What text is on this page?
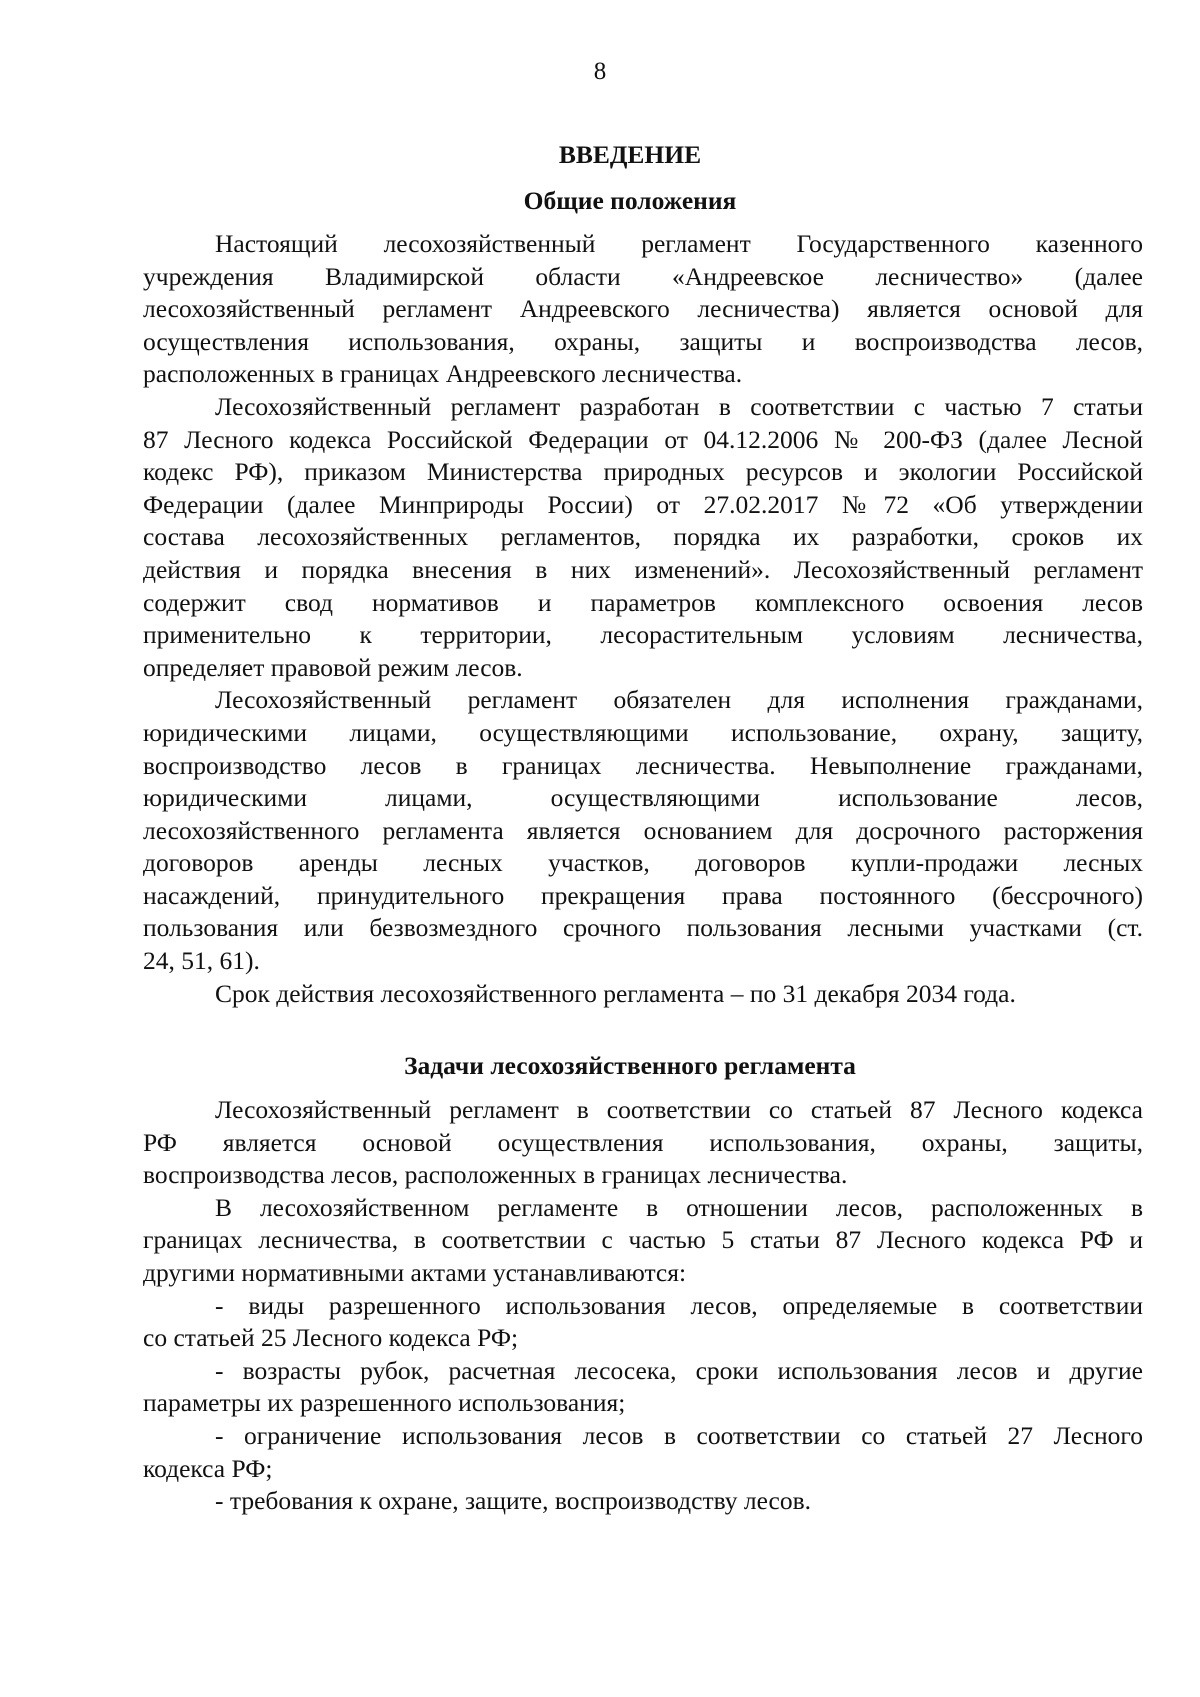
8
ВВЕДЕНИЕ
Общие положения
Настоящий лесохозяйственный регламент Государственного казенного
учреждения Владимирской области «Андреевское лесничество» (далее
лесохозяйственный регламент Андреевского лесничества) является основой для
осуществления использования, охраны, защиты и воспроизводства лесов,
расположенных в границах Андреевского лесничества.
Лесохозяйственный регламент разработан в соответствии с частью 7 статьи
87 Лесного кодекса Российской Федерации от 04.12.2006 № 200-ФЗ (далее Лесной
кодекс РФ), приказом Министерства природных ресурсов и экологии Российской
Федерации (далее Минприроды России) от 27.02.2017 №72 «Об утверждении
состава лесохозяйственных регламентов, порядка их разработки, сроков их
действия и порядка внесения в них изменений». Лесохозяйственный регламент
содержит свод нормативов и параметров комплексного освоения лесов
применительно к территории, лесорастительным условиям лесничества,
определяет правовой режим лесов.
Лесохозяйственный регламент обязателен для исполнения гражданами,
юридическими лицами, осуществляющими использование, охрану, защиту,
воспроизводство лесов в границах лесничества. Невыполнение гражданами,
юридическими лицами, осуществляющими использование лесов,
лесохозяйственного регламента является основанием для досрочного расторжения
договоров аренды лесных участков, договоров купли-продажи лесных
насаждений, принудительного прекращения права постоянного (бессрочного)
пользования или безвозмездного срочного пользования лесными участками (ст.
24, 51, 61).
Срок действия лесохозяйственного регламента – по 31 декабря 2034 года.
Задачи лесохозяйственного регламента
Лесохозяйственный регламент в соответствии со статьей 87 Лесного кодекса
РФ является основой осуществления использования, охраны, защиты,
воспроизводства лесов, расположенных в границах лесничества.
В лесохозяйственном регламенте в отношении лесов, расположенных в
границах лесничества, в соответствии с частью 5 статьи 87 Лесного кодекса РФ и
другими нормативными актами устанавливаются:
- виды разрешенного использования лесов, определяемые в соответствии
со статьей 25 Лесного кодекса РФ;
- возрасты рубок, расчетная лесосека, сроки использования лесов и другие
параметры их разрешенного использования;
- ограничение использования лесов в соответствии со статьей 27 Лесного
кодекса РФ;
- требования к охране, защите, воспроизводству лесов.
